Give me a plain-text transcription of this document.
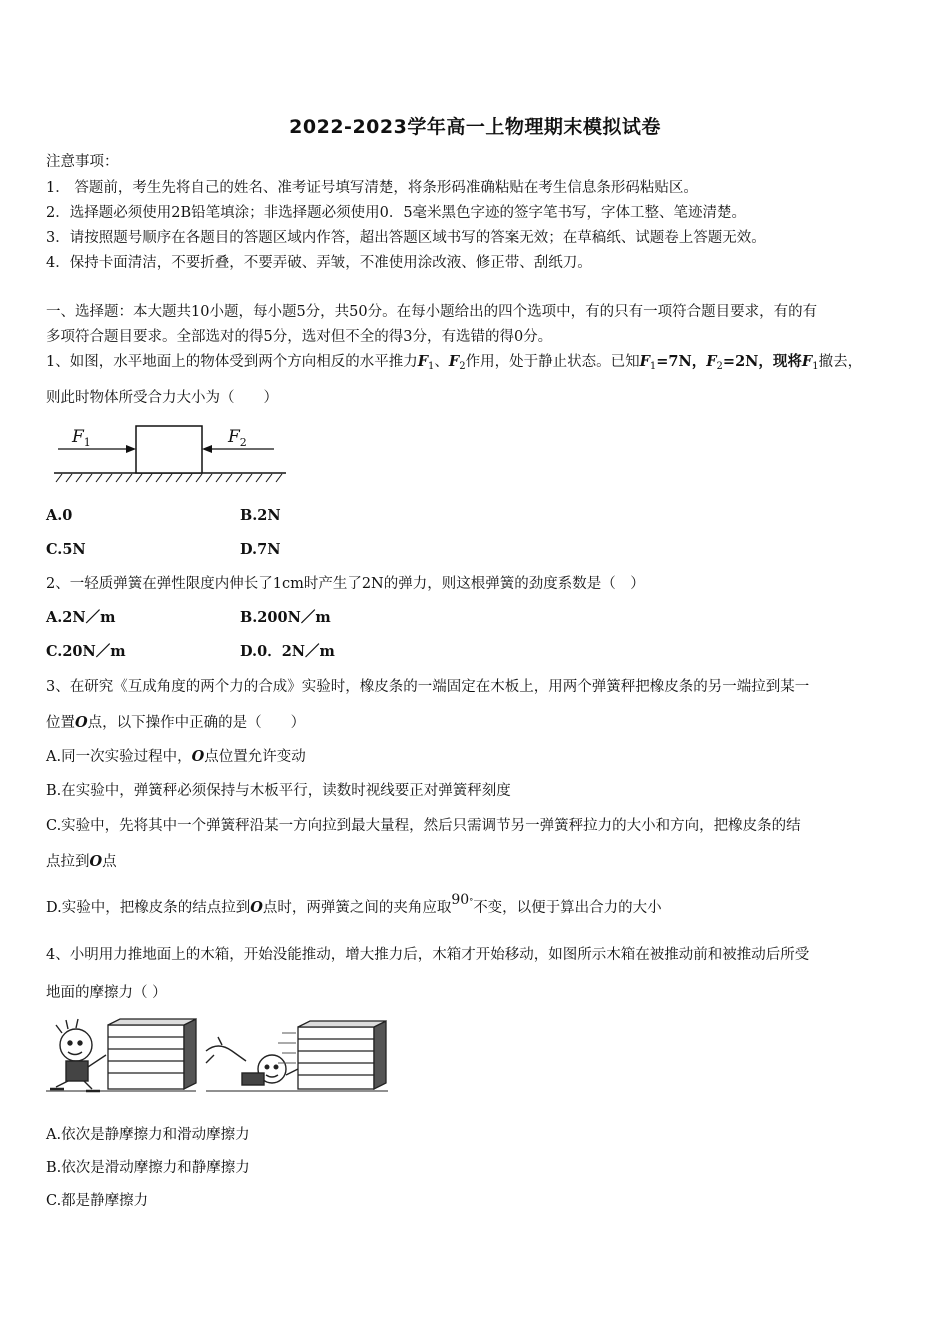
2022-2023学年高一上物理期末模拟试卷
注意事项：
1． 答题前，考生先将自己的姓名、准考证号填写清楚，将条形码准确粘贴在考生信息条形码粘贴区。
2．选择题必须使用2B铅笔填涂；非选择题必须使用0．5毫米黑色字迹的签字笔书写，字体工整、笔迹清楚。
3．请按照题号顺序在各题目的答题区域内作答，超出答题区域书写的答案无效；在草稿纸、试题卷上答题无效。
4．保持卡面清洁，不要折叠，不要弄破、弄皱，不准使用涂改液、修正带、刮纸刀。
一、选择题：本大题共10小题，每小题5分，共50分。在每小题给出的四个选项中，有的只有一项符合题目要求，有的有
多项符合题目要求。全部选对的得5分，选对但不全的得3分，有选错的得0分。
1、如图，水平地面上的物体受到两个方向相反的水平推力$F_1$、$F_2$作用，处于静止状态。已知$F_1=7N$，$F_2=2N$，现将$F_1$撤去，
则此时物体所受合力大小为（　　）
$F_1$	$F_2$
A.0	B.2N
C.5N	D.7N
2、一轻质弹簧在弹性限度内伸长了1cm时产生了2N的弹力，则这根弹簧的劲度系数是（　）
A.2N／m	B.200N／m
C.20N／m	D.0．2N／m
3、在研究《互成角度的两个力的合成》实验时，橡皮条的一端固定在木板上，用两个弹簧秤把橡皮条的另一端拉到某一
位置O点，以下操作中正确的是（　　）
A.同一次实验过程中，O点位置允许变动
B.在实验中，弹簧秤必须保持与木板平行，读数时视线要正对弹簧秤刻度
C.实验中，先将其中一个弹簧秤沿某一方向拉到最大量程，然后只需调节另一弹簧秤拉力的大小和方向，把橡皮条的结
点拉到O点
D.实验中，把橡皮条的结点拉到O点时，两弹簧之间的夹角应取90°不变，以便于算出合力的大小
4、小明用力推地面上的木箱，开始没能推动，增大推力后，木箱才开始移动，如图所示木箱在被推动前和被推动后所受
地面的摩擦力（ ）
A.依次是静摩擦力和滑动摩擦力
B.依次是滑动摩擦力和静摩擦力
C.都是静摩擦力
